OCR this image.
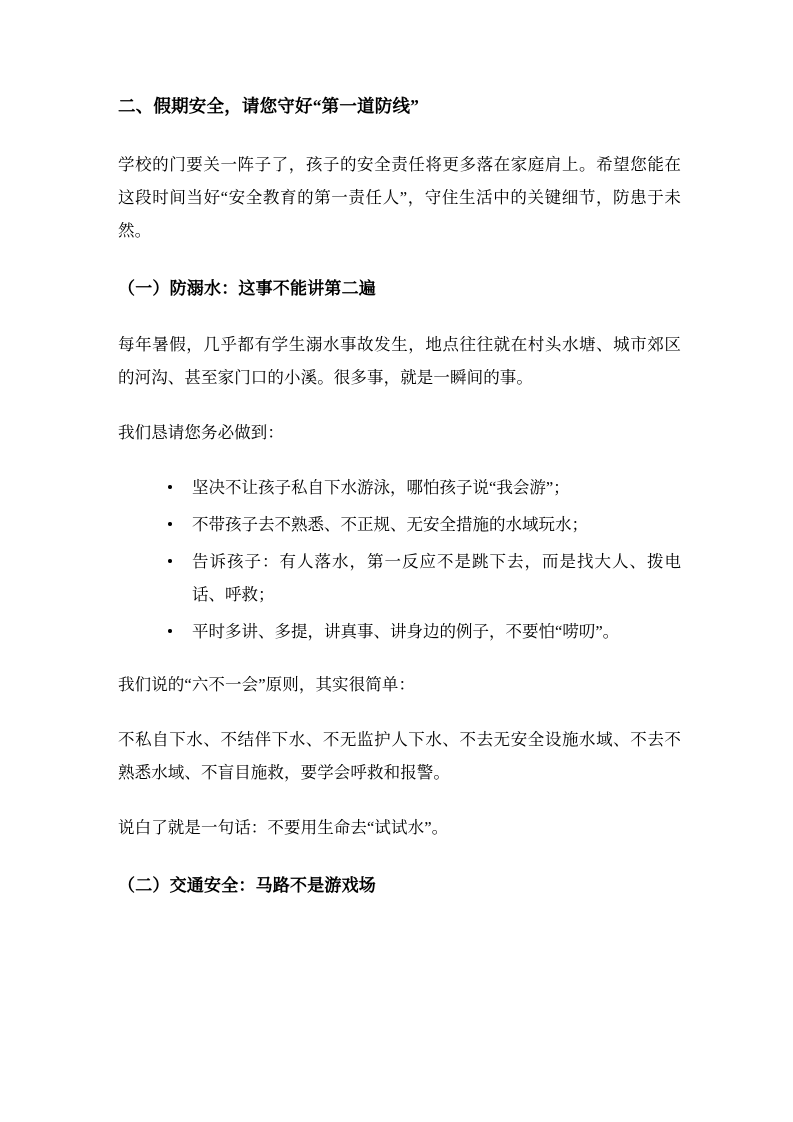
二、假期安全，请您守好“第一道防线”

学校的门要关一阵子了，孩子的安全责任将更多落在家庭肩上。希望您能在这段时间当好“安全教育的第一责任人”，守住生活中的关键细节，防患于未然。

（一）防溺水：这事不能讲第二遍

每年暑假，几乎都有学生溺水事故发生，地点往往就在村头水塘、城市郊区的河沟、甚至家门口的小溪。很多事，就是一瞬间的事。

我们恳请您务必做到：

坚决不让孩子私自下水游泳，哪怕孩子说“我会游”；
不带孩子去不熟悉、不正规、无安全措施的水域玩水；
告诉孩子：有人落水，第一反应不是跳下去，而是找大人、拨电话、呼救；
平时多讲、多提，讲真事、讲身边的例子，不要怕“唠叨”。

我们说的“六不一会”原则，其实很简单：

不私自下水、不结伴下水、不无监护人下水、不去无安全设施水域、不去不熟悉水域、不盲目施救，要学会呼救和报警。

说白了就是一句话：不要用生命去“试试水”。

（二）交通安全：马路不是游戏场
